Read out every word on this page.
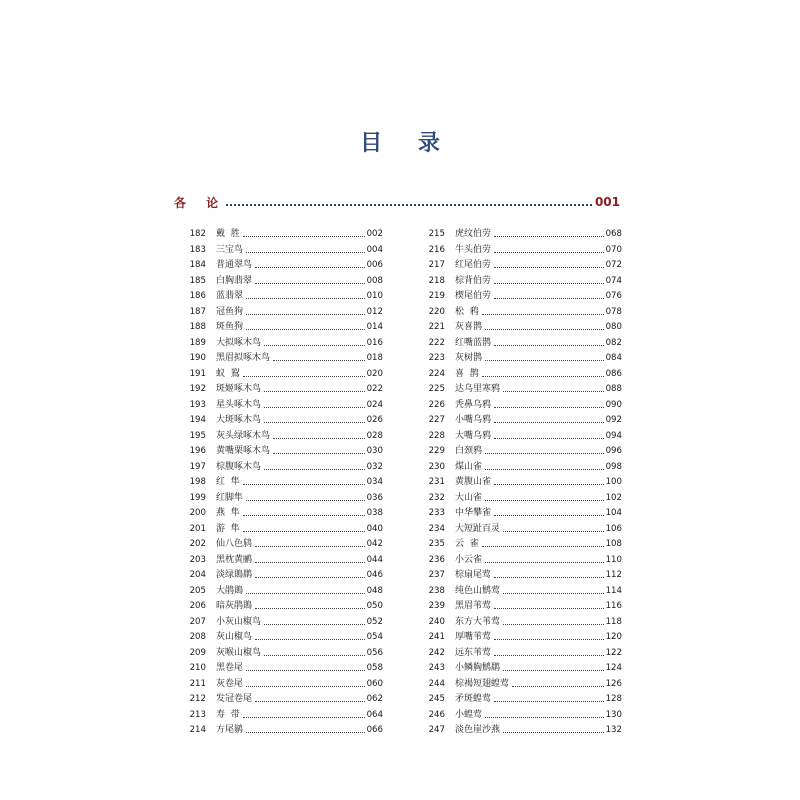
目 录
各 论	001
182 戴  胜	002
183 三宝鸟	004
184 普通翠鸟	006
185 白胸翡翠	008
186 蓝翡翠	010
187 冠鱼狗	012
188 斑鱼狗	014
189 大拟啄木鸟	016
190 黑眉拟啄木鸟	018
191 蚁  鴷	020
192 斑姬啄木鸟	022
193 星头啄木鸟	024
194 大斑啄木鸟	026
195 灰头绿啄木鸟	028
196 黄嘴栗啄木鸟	030
197 棕腹啄木鸟	032
198 红  隼	034
199 红脚隼	036
200 燕  隼	038
201 游  隼	040
202 仙八色鸫	042
203 黑枕黄鹂	044
204 淡绿鵙鹛	046
205 大鹃鵙	048
206 暗灰鹃鵙	050
207 小灰山椒鸟	052
208 灰山椒鸟	054
209 灰喉山椒鸟	056
210 黑卷尾	058
211 灰卷尾	060
212 发冠卷尾	062
213 寿  带	064
214 方尾鹟	066
215 虎纹伯劳	068
216 牛头伯劳	070
217 红尾伯劳	072
218 棕背伯劳	074
219 楔尾伯劳	076
220 松  鸦	078
221 灰喜鹊	080
222 红嘴蓝鹊	082
223 灰树鹊	084
224 喜  鹊	086
225 达乌里寒鸦	088
226 秃鼻乌鸦	090
227 小嘴乌鸦	092
228 大嘴乌鸦	094
229 白颈鸦	096
230 煤山雀	098
231 黄腹山雀	100
232 大山雀	102
233 中华攀雀	104
234 大短趾百灵	106
235 云  雀	108
236 小云雀	110
237 棕扇尾莺	112
238 纯色山鹪莺	114
239 黑眉苇莺	116
240 东方大苇莺	118
241 厚嘴苇莺	120
242 远东苇莺	122
243 小鳞胸鹪鹛	124
244 棕褐短翅蝗莺	126
245 矛斑蝗莺	128
246 小蝗莺	130
247 淡色崖沙燕	132
